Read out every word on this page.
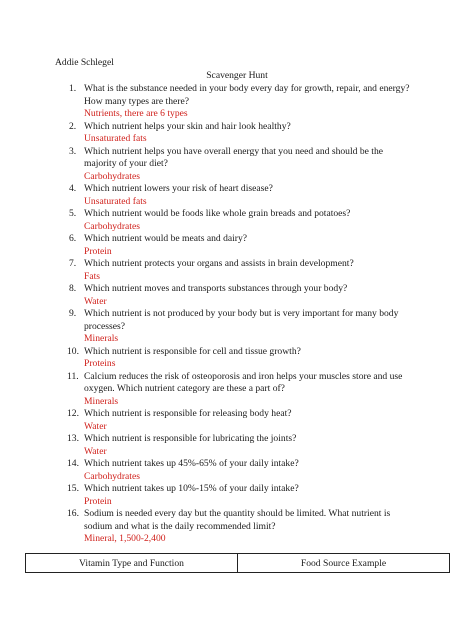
Addie Schlegel
Scavenger Hunt
1. What is the substance needed in your body every day for growth, repair, and energy? How many types are there?
Nutrients, there are 6 types
2. Which nutrient helps your skin and hair look healthy?
Unsaturated fats
3. Which nutrient helps you have overall energy that you need and should be the majority of your diet?
Carbohydrates
4. Which nutrient lowers your risk of heart disease?
Unsaturated fats
5. Which nutrient would be foods like whole grain breads and potatoes?
Carbohydrates
6. Which nutrient would be meats and dairy?
Protein
7. Which nutrient protects your organs and assists in brain development?
Fats
8. Which nutrient moves and transports substances through your body?
Water
9. Which nutrient is not produced by your body but is very important for many body processes?
Minerals
10. Which nutrient is responsible for cell and tissue growth?
Proteins
11. Calcium reduces the risk of osteoporosis and iron helps your muscles store and use oxygen. Which nutrient category are these a part of?
Minerals
12. Which nutrient is responsible for releasing body heat?
Water
13. Which nutrient is responsible for lubricating the joints?
Water
14. Which nutrient takes up 45%-65% of your daily intake?
Carbohydrates
15. Which nutrient takes up 10%-15% of your daily intake?
Protein
16. Sodium is needed every day but the quantity should be limited. What nutrient is sodium and what is the daily recommended limit?
Mineral, 1,500-2,400
Vitamin Type and Function	Food Source Example
